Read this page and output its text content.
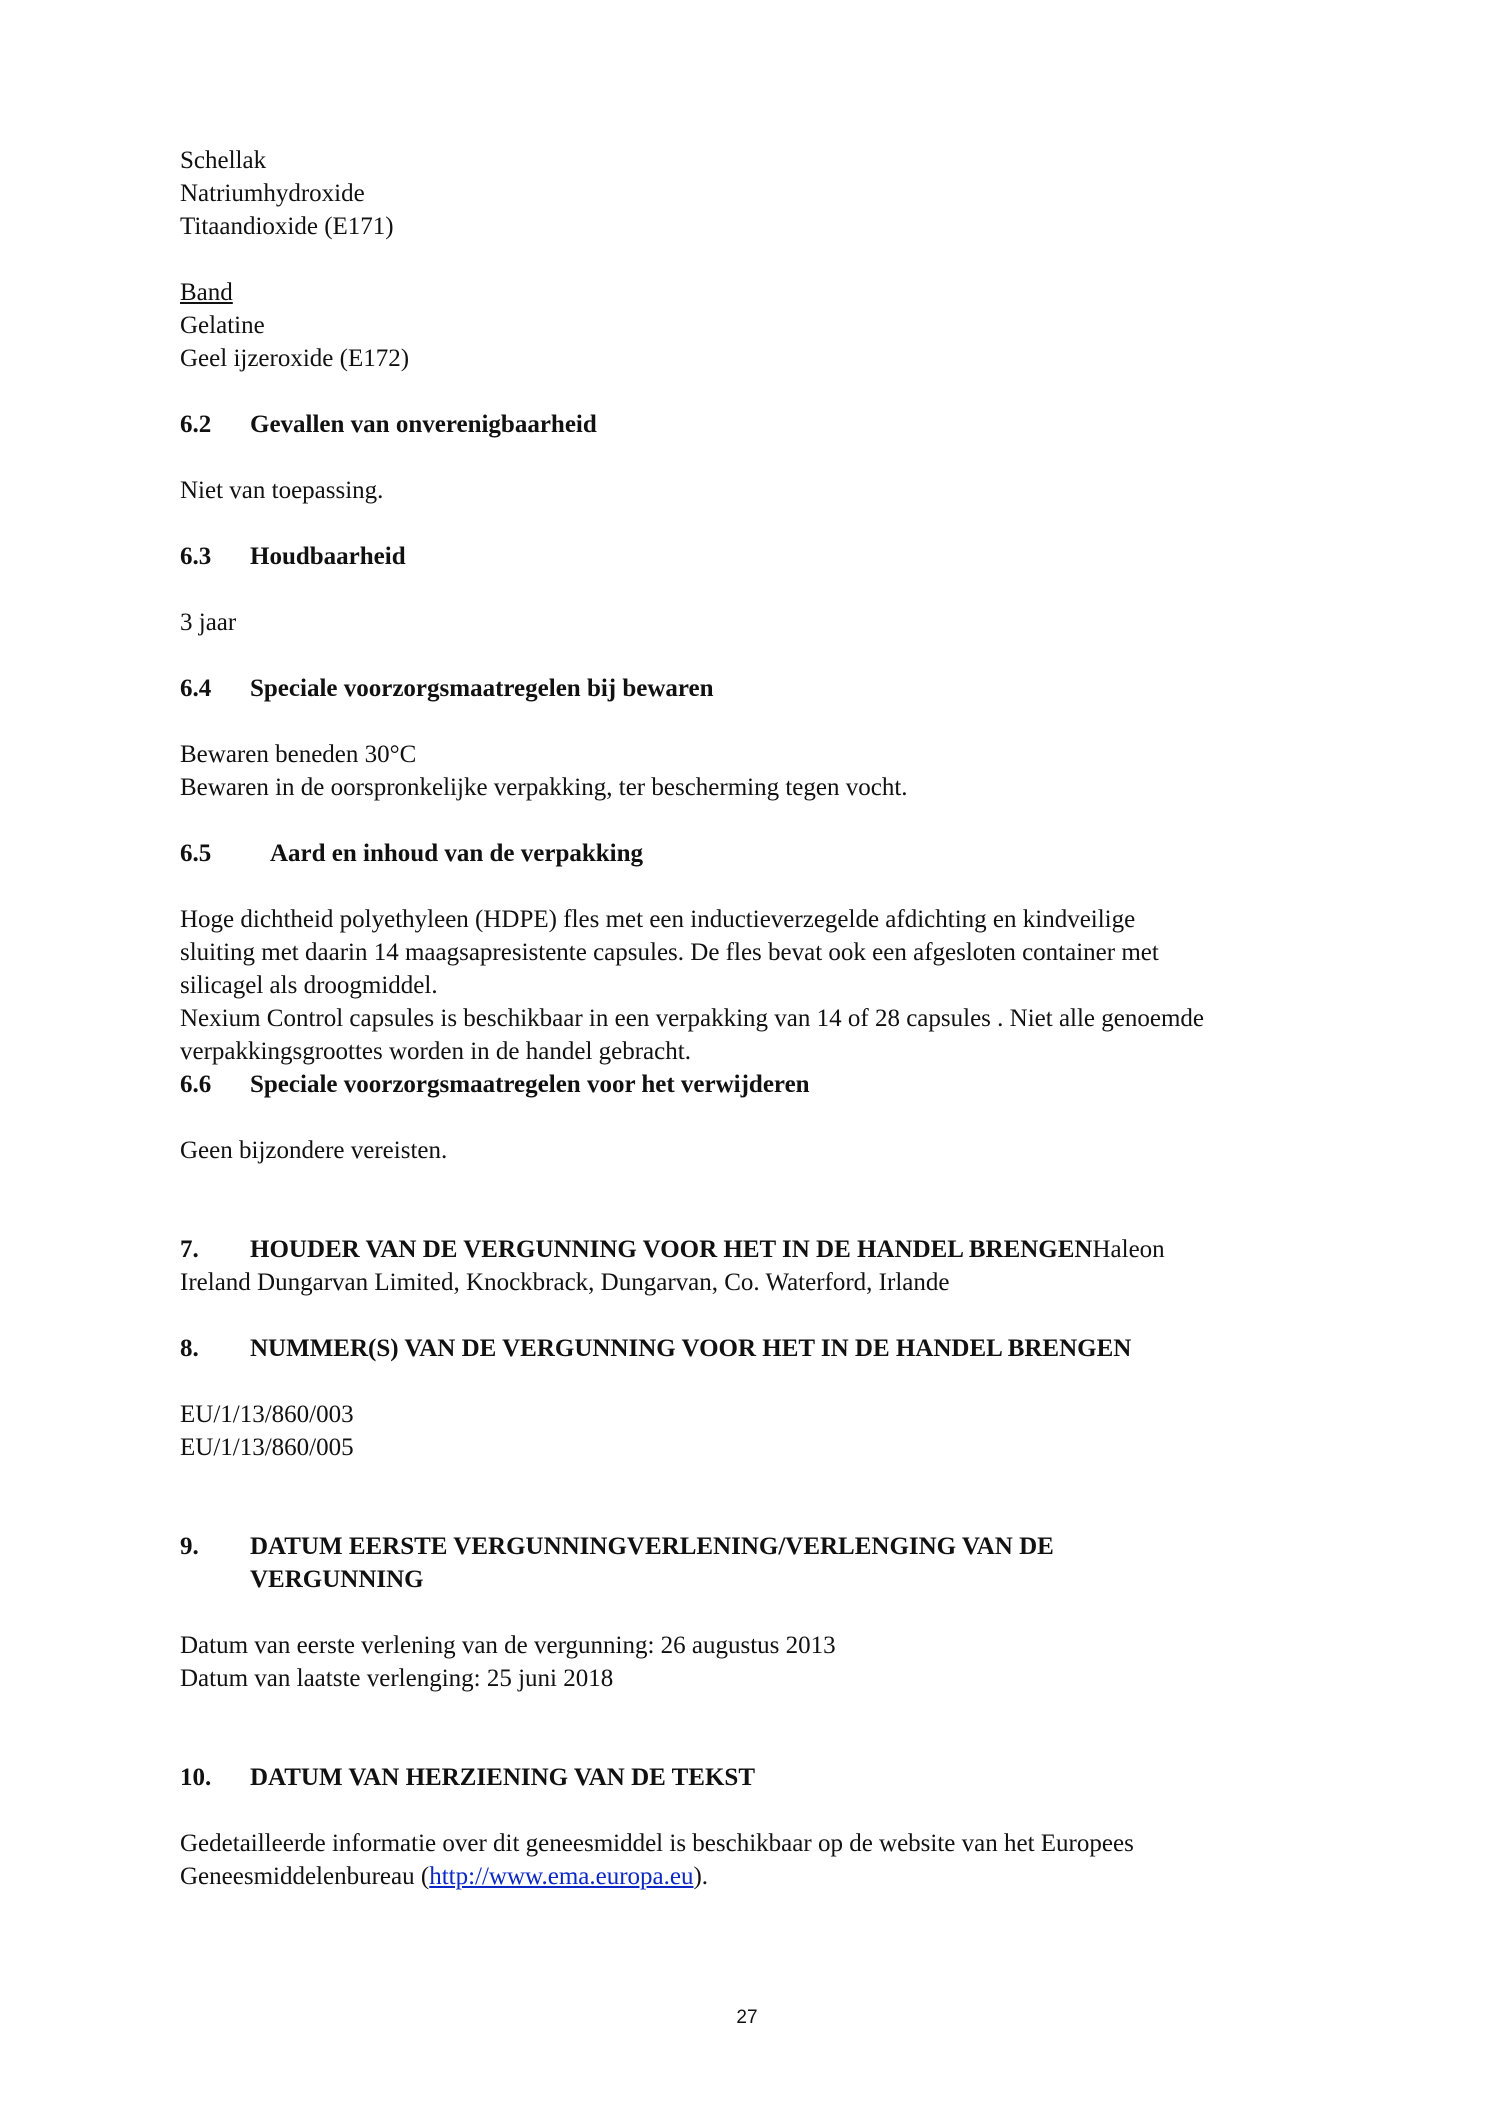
Schellak
Natriumhydroxide
Titaandioxide (E171)
Band
Gelatine
Geel ijzeroxide (E172)
6.2 Gevallen van onverenigbaarheid
Niet van toepassing.
6.3 Houdbaarheid
3 jaar
6.4 Speciale voorzorgsmaatregelen bij bewaren
Bewaren beneden 30°C
Bewaren in de oorspronkelijke verpakking, ter bescherming tegen vocht.
6.5 Aard en inhoud van de verpakking
Hoge dichtheid polyethyleen (HDPE) fles met een inductieverzegelde afdichting en kindveilige
sluiting met daarin 14 maagsapresistente capsules. De fles bevat ook een afgesloten container met
silicagel als droogmiddel.
Nexium Control capsules is beschikbaar in een verpakking van 14 of 28 capsules . Niet alle genoemde
verpakkingsgroottes worden in de handel gebracht.
6.6 Speciale voorzorgsmaatregelen voor het verwijderen
Geen bijzondere vereisten.
7. HOUDER VAN DE VERGUNNING VOOR HET IN DE HANDEL BRENGENHaleon
Ireland Dungarvan Limited, Knockbrack, Dungarvan, Co. Waterford, Irlande
8. NUMMER(S) VAN DE VERGUNNING VOOR HET IN DE HANDEL BRENGEN
EU/1/13/860/003
EU/1/13/860/005
9. DATUM EERSTE VERGUNNINGVERLENING/VERLENGING VAN DE
VERGUNNING
Datum van eerste verlening van de vergunning: 26 augustus 2013
Datum van laatste verlenging: 25 juni 2018
10. DATUM VAN HERZIENING VAN DE TEKST
Gedetailleerde informatie over dit geneesmiddel is beschikbaar op de website van het Europees
Geneesmiddelenbureau (http://www.ema.europa.eu).
27
